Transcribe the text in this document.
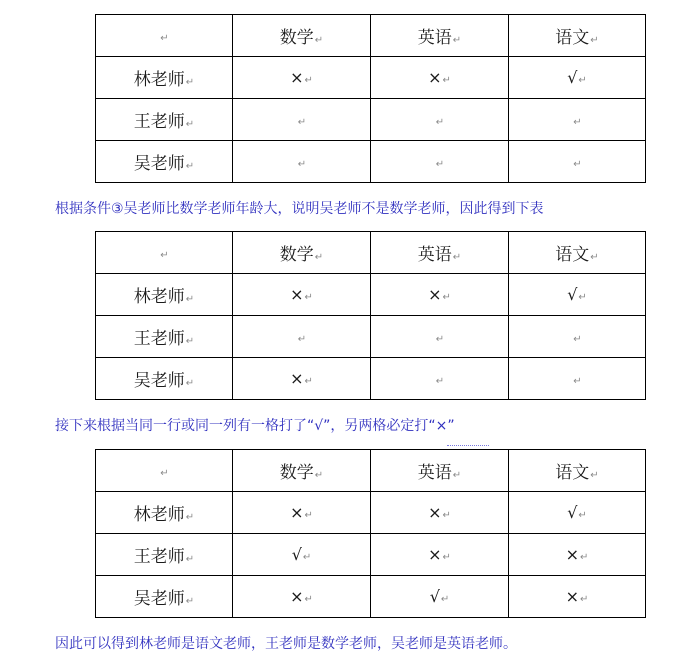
↵	数学↵	英语↵	语文↵
林老师↵	×↵	×↵	√↵
王老师↵	↵	↵	↵
吴老师↵	↵	↵	↵
根据条件③吴老师比数学老师年龄大，说明吴老师不是数学老师，因此得到下表
↵	数学↵	英语↵	语文↵
林老师↵	×↵	×↵	√↵
王老师↵	↵	↵	↵
吴老师↵	×↵	↵	↵
接下来根据当同一行或同一列有一格打了“√”，另两格必定打“×”
↵	数学↵	英语↵	语文↵
林老师↵	×↵	×↵	√↵
王老师↵	√↵	×↵	×↵
吴老师↵	×↵	√↵	×↵
因此可以得到林老师是语文老师，王老师是数学老师，吴老师是英语老师。
